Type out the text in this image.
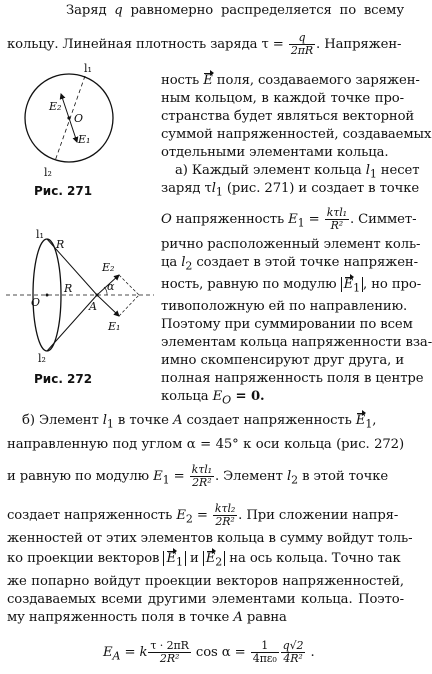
l₁
E₂
O
E₁
l₂
Рис. 271
l₁
R
E₂
R
O	A
α
E₁
l₂
Рис. 272
Заряд q равномерно распределяется по всему
кольцу. Линейная плотность заряда $\tau = \frac{q}{2\pi R}$ . Напряжен-
ность E поля, создаваемого заряжен-
ным кольцом, в каждой точке про-
странства будет являться векторной
суммой напряженностей, создаваемых
отдельными элементами кольца.
а) Каждый элемент кольца $l_1$ несет
заряд $\tau l_1$ (рис. 271) и создает в точке
O напряженность $E_1 = \frac{\text{kτl₁}}{\text{R²}}$ . Симмет-
рично расположенный элемент коль-
ца $l_2$ создает в этой точке напряжен-
ность, равную по модулю $E_1$ , но про-
тивоположную ей по направлению.
Поэтому при суммировании по всем
элементам кольца напряженности вза-
имно скомпенсируют друг друга, и
полная напряженность поля в центре
кольца $E_O = 0$.
б) Элемент $l_1$ в точке A создает напряженность $E_1$,
направленную под углом α = 45° к оси кольца (рис. 272)
и равную по модулю $E_1 = \frac{\text{kτl₁}}{\text{2R²}}$ . Элемент $l_2$ в этой точке
создает напряженность $E_2 = \frac{\text{kτl₂}}{\text{2R²}}$ . При сложении напря-
женностей от этих элементов кольца в сумму войдут толь-
ко проекции векторов $E_1$ и $E_2$ на ось кольца. Точно так
же попарно войдут проекции векторов напряженностей,
создаваемых всеми другими элементами кольца. Поэто-
му напряженность поля в точке A равна
$E_A = k \frac{\tau \cdot 2\pi R}{\text{2R²}}$ $\cos \alpha = \frac{1}{\text{4πε₀}} \frac{q√2}{\text{4R²}}$ .
